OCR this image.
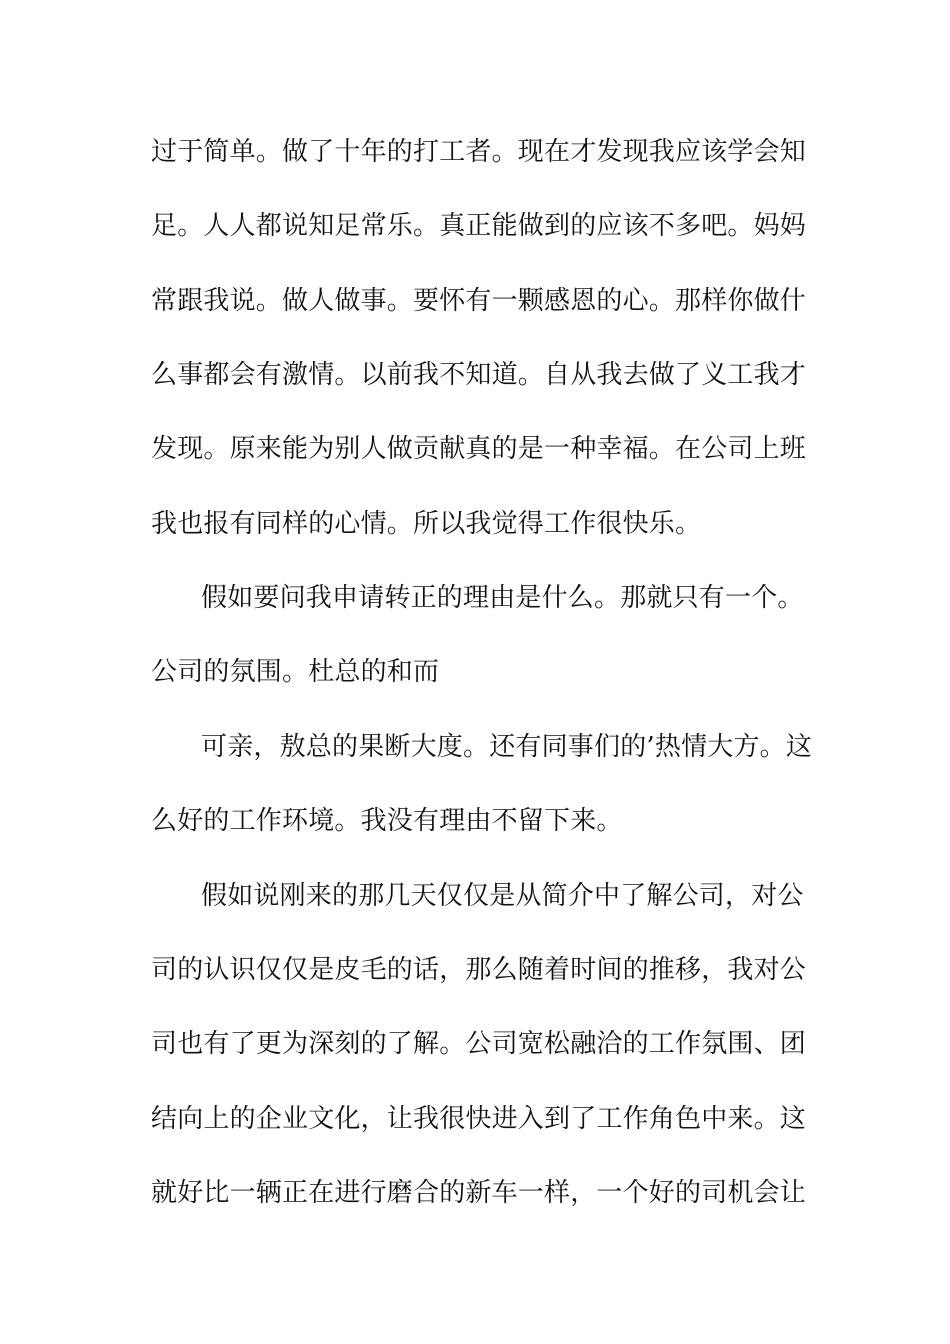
过于简单。做了十年的打工者。现在才发现我应该学会知
足。人人都说知足常乐。真正能做到的应该不多吧。妈妈
常跟我说。做人做事。要怀有一颗感恩的心。那样你做什
么事都会有激情。以前我不知道。自从我去做了义工我才
发现。原来能为别人做贡献真的是一种幸福。在公司上班
我也报有同样的心情。所以我觉得工作很快乐。
假如要问我申请转正的理由是什么。那就只有一个。
公司的氛围。杜总的和而
可亲，敖总的果断大度。还有同事们的’热情大方。这
么好的工作环境。我没有理由不留下来。
假如说刚来的那几天仅仅是从简介中了解公司，对公
司的认识仅仅是皮毛的话，那么随着时间的推移，我对公
司也有了更为深刻的了解。公司宽松融洽的工作氛围、团
结向上的企业文化，让我很快进入到了工作角色中来。这
就好比一辆正在进行磨合的新车一样，一个好的司机会让
